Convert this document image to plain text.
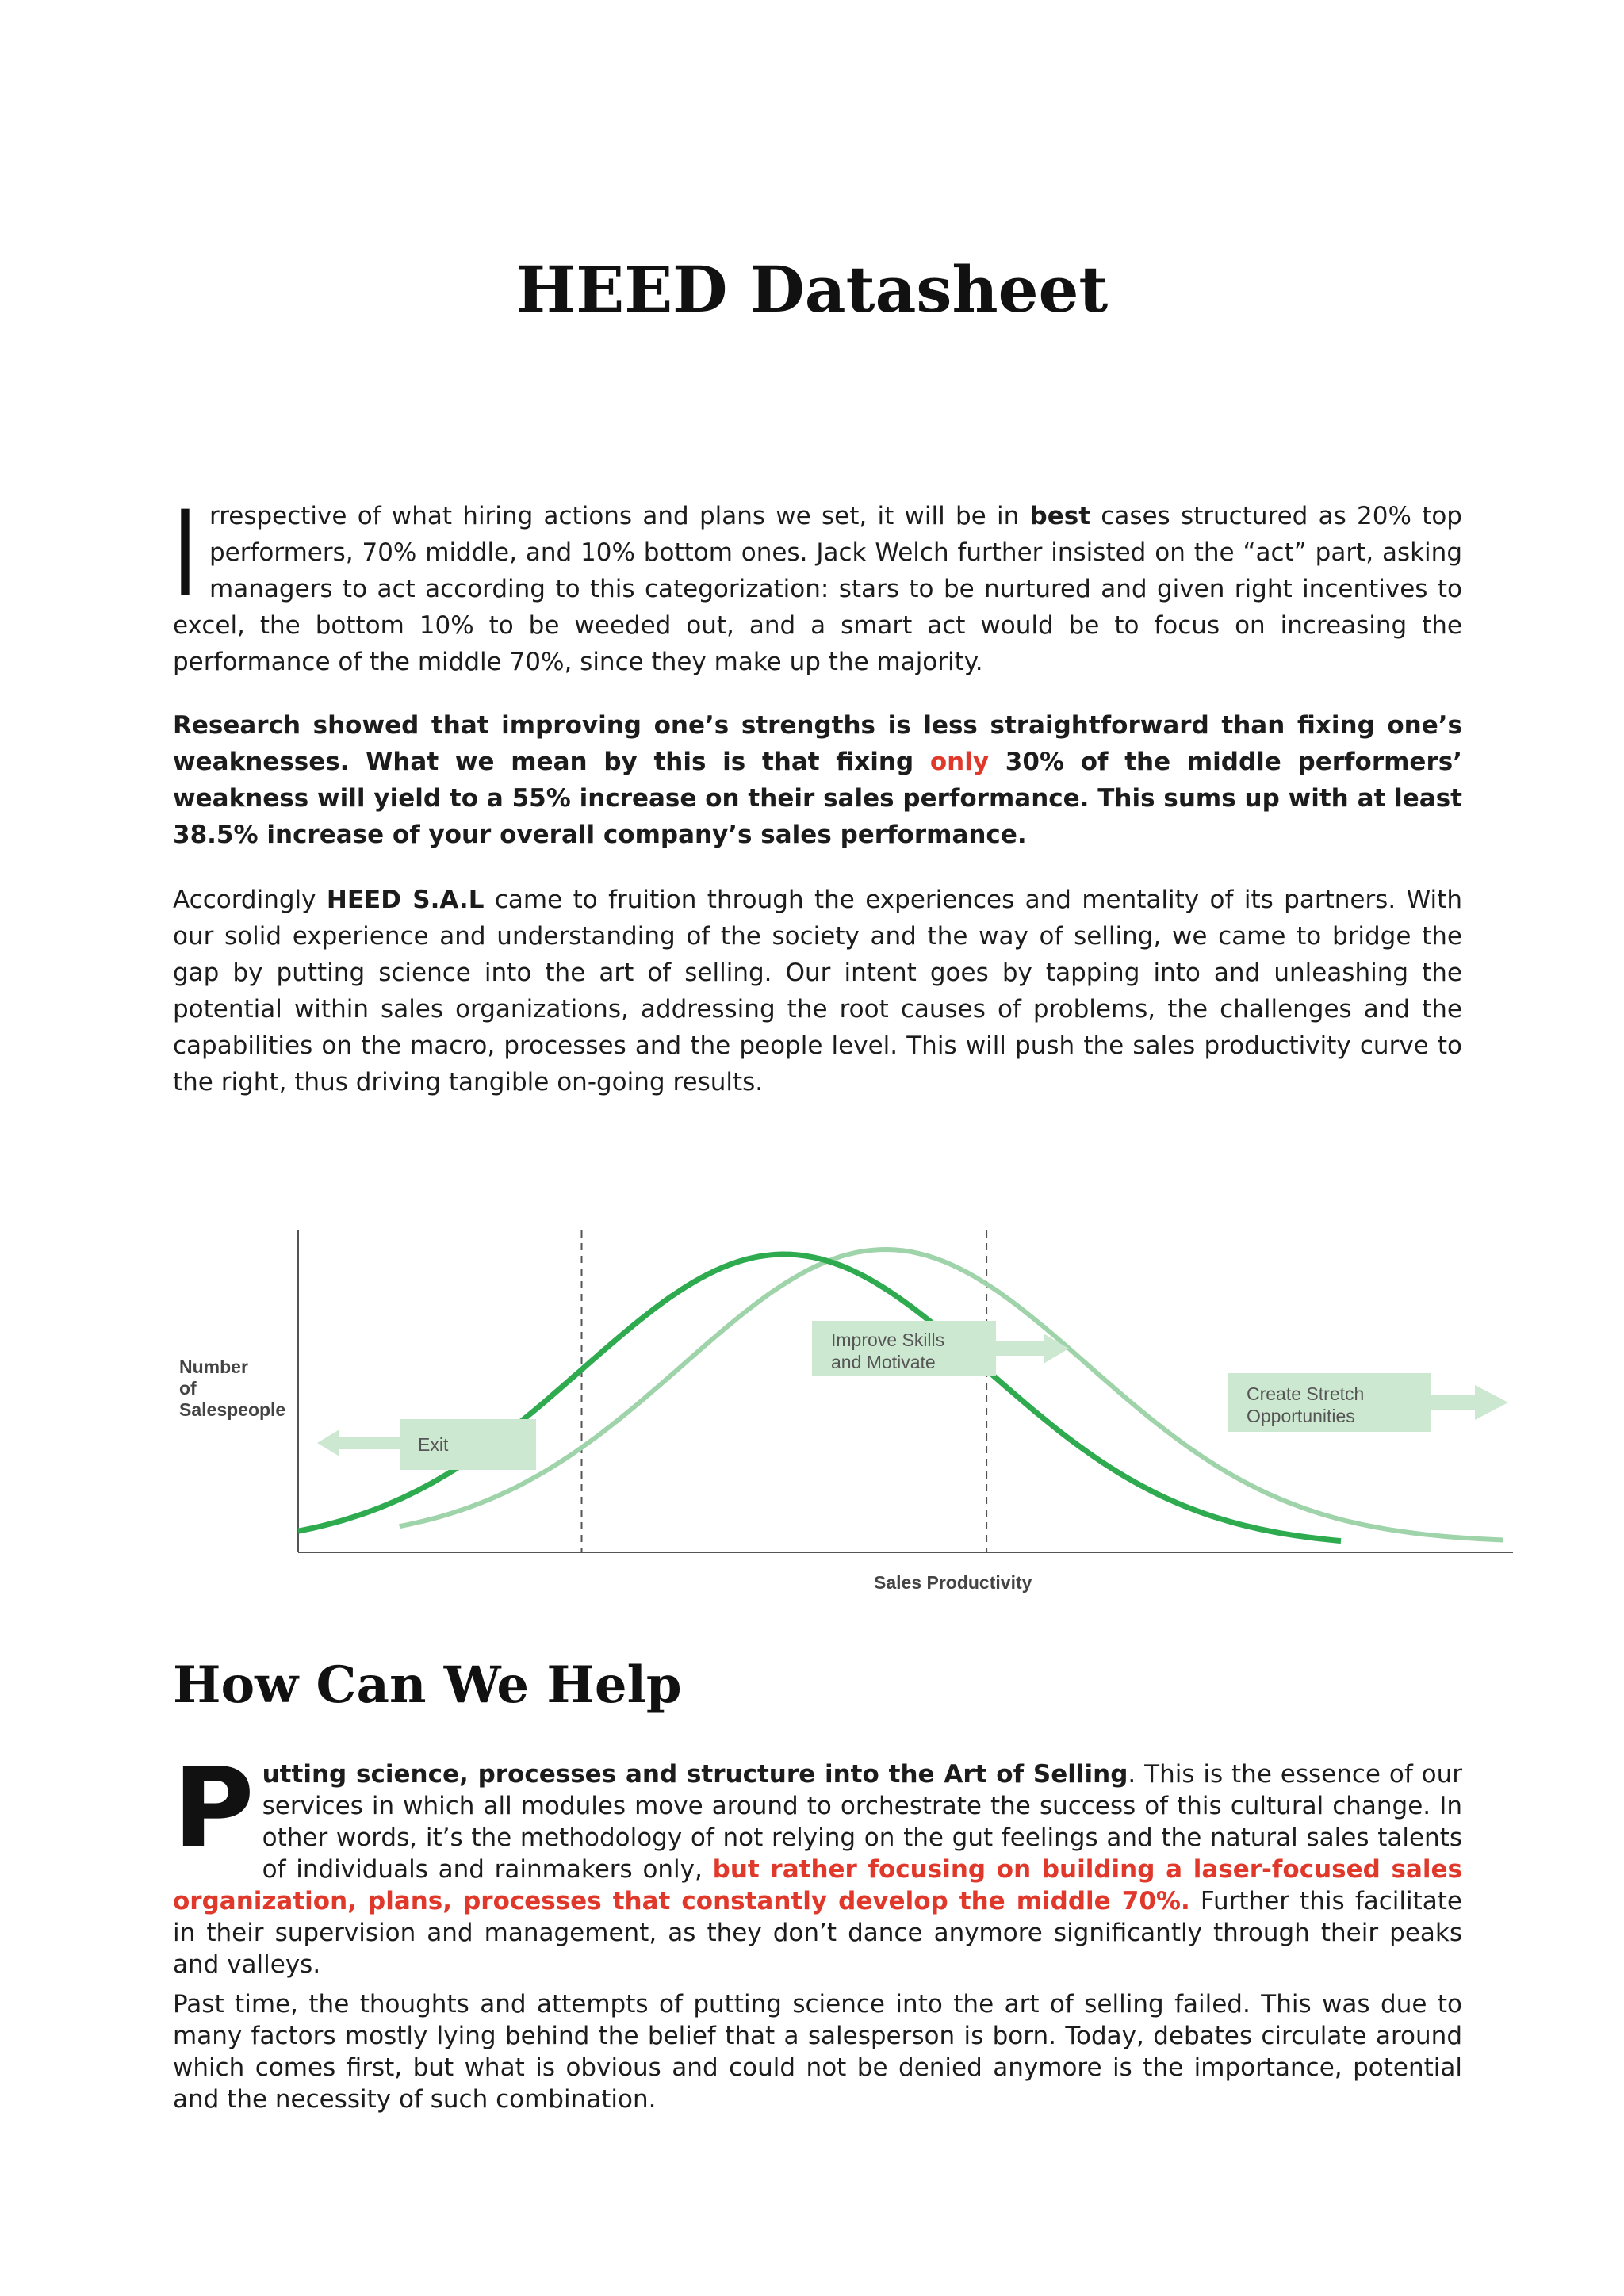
HEED Datasheet
Irrespective of what hiring actions and plans we set, it will be in best cases structured as 20% top performers, 70% middle, and 10% bottom ones. Jack Welch further insisted on the “act” part, asking managers to act according to this categorization: stars to be nurtured and given right incentives to excel, the bottom 10% to be weeded out, and a smart act would be to focus on increasing the performance of the middle 70%, since they make up the majority.
Research showed that improving one’s strengths is less straightforward than fixing one’s weaknesses. What we mean by this is that fixing only 30% of the middle performers’ weakness will yield to a 55% increase on their sales performance. This sums up with at least 38.5% increase of your overall company’s sales performance.
Accordingly HEED S.A.L came to fruition through the experiences and mentality of its partners. With our solid experience and understanding of the society and the way of selling, we came to bridge the gap by putting science into the art of selling. Our intent goes by tapping into and unleashing the potential within sales organizations, addressing the root causes of problems, the challenges and the capabilities on the macro, processes and the people level. This will push the sales productivity curve to the right, thus driving tangible on-going results.
Number
of
Salespeople
Exit
Improve Skills
and Motivate
Create Stretch
Opportunities
Sales Productivity
How Can We Help
Putting science, processes and structure into the Art of Selling. This is the essence of our services in which all modules move around to orchestrate the success of this cultural change. In other words, it’s the methodology of not relying on the gut feelings and the natural sales talents of individuals and rainmakers only, but rather focusing on building a laser-focused sales organization, plans, processes that constantly develop the middle 70%. Further this facilitate in their supervision and management, as they don’t dance anymore significantly through their peaks and valleys.
Past time, the thoughts and attempts of putting science into the art of selling failed. This was due to many factors mostly lying behind the belief that a salesperson is born. Today, debates circulate around which comes first, but what is obvious and could not be denied anymore is the importance, potential and the necessity of such combination.
